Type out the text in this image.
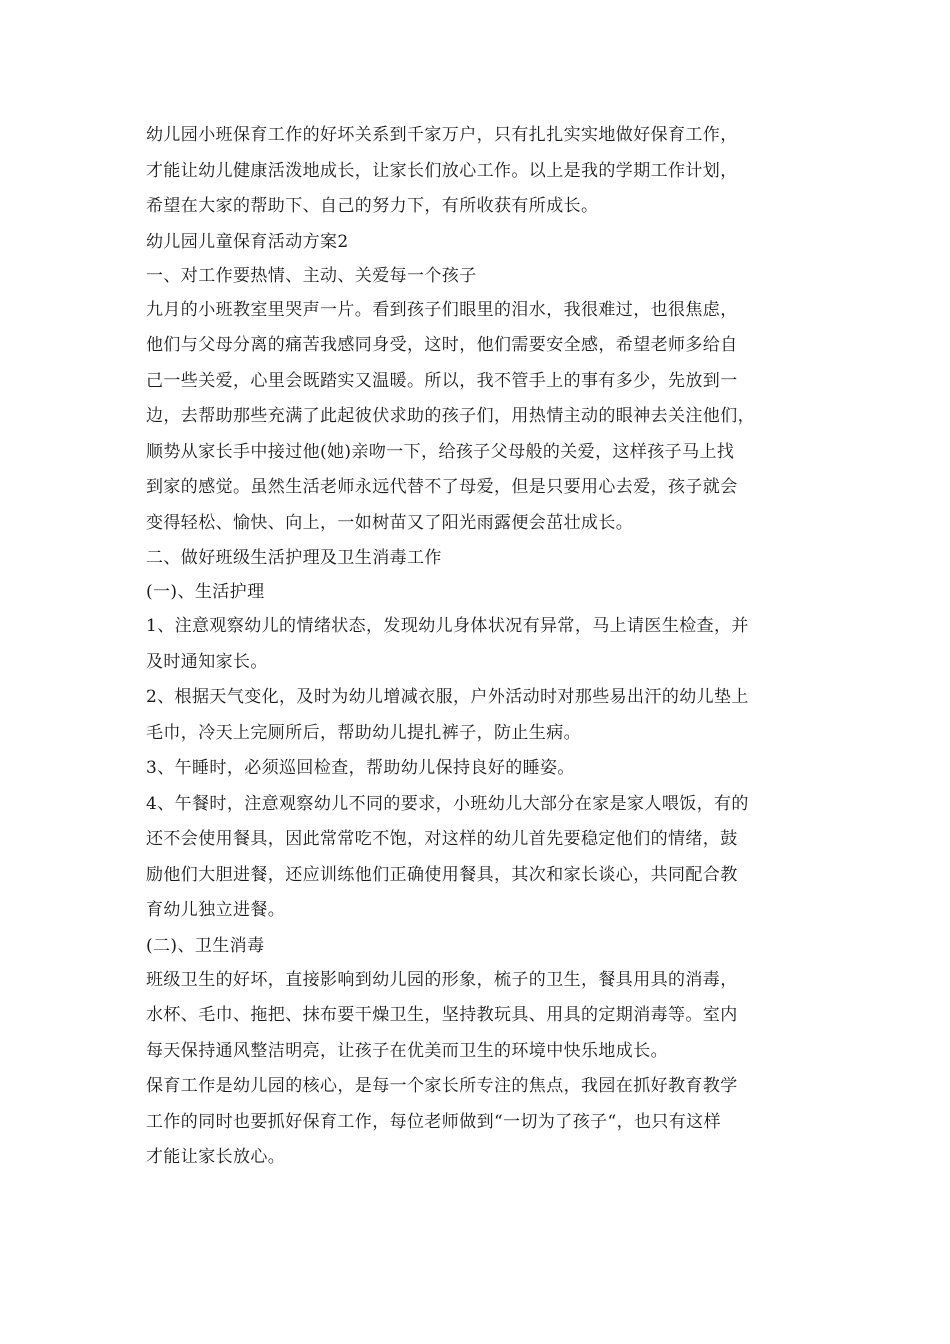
幼儿园小班保育工作的好坏关系到千家万户，只有扎扎实实地做好保育工作，
才能让幼儿健康活泼地成长，让家长们放心工作。以上是我的学期工作计划，
希望在大家的帮助下、自己的努力下，有所收获有所成长。

幼儿园儿童保育活动方案2

一、对工作要热情、主动、关爱每一个孩子

九月的小班教室里哭声一片。看到孩子们眼里的泪水，我很难过，也很焦虑，
他们与父母分离的痛苦我感同身受，这时，他们需要安全感，希望老师多给自
己一些关爱，心里会既踏实又温暖。所以，我不管手上的事有多少，先放到一
边，去帮助那些充满了此起彼伏求助的孩子们，用热情主动的眼神去关注他们，
顺势从家长手中接过他(她)亲吻一下，给孩子父母般的关爱，这样孩子马上找
到家的感觉。虽然生活老师永远代替不了母爱，但是只要用心去爱，孩子就会
变得轻松、愉快、向上，一如树苗又了阳光雨露便会茁壮成长。

二、做好班级生活护理及卫生消毒工作

(一)、生活护理

1、注意观察幼儿的情绪状态，发现幼儿身体状况有异常，马上请医生检查，并
及时通知家长。

2、根据天气变化，及时为幼儿增减衣服，户外活动时对那些易出汗的幼儿垫上
毛巾，冷天上完厕所后，帮助幼儿提扎裤子，防止生病。

3、午睡时，必须巡回检查，帮助幼儿保持良好的睡姿。

4、午餐时，注意观察幼儿不同的要求，小班幼儿大部分在家是家人喂饭，有的
还不会使用餐具，因此常常吃不饱，对这样的幼儿首先要稳定他们的情绪，鼓
励他们大胆进餐，还应训练他们正确使用餐具，其次和家长谈心，共同配合教
育幼儿独立进餐。

(二)、卫生消毒

班级卫生的好坏，直接影响到幼儿园的形象，梳子的卫生，餐具用具的消毒，
水杯、毛巾、拖把、抹布要干燥卫生，坚持教玩具、用具的定期消毒等。室内
每天保持通风整洁明亮，让孩子在优美而卫生的环境中快乐地成长。

保育工作是幼儿园的核心，是每一个家长所专注的焦点，我园在抓好教育教学
工作的同时也要抓好保育工作，每位老师做到“一切为了孩子“，也只有这样
才能让家长放心。
